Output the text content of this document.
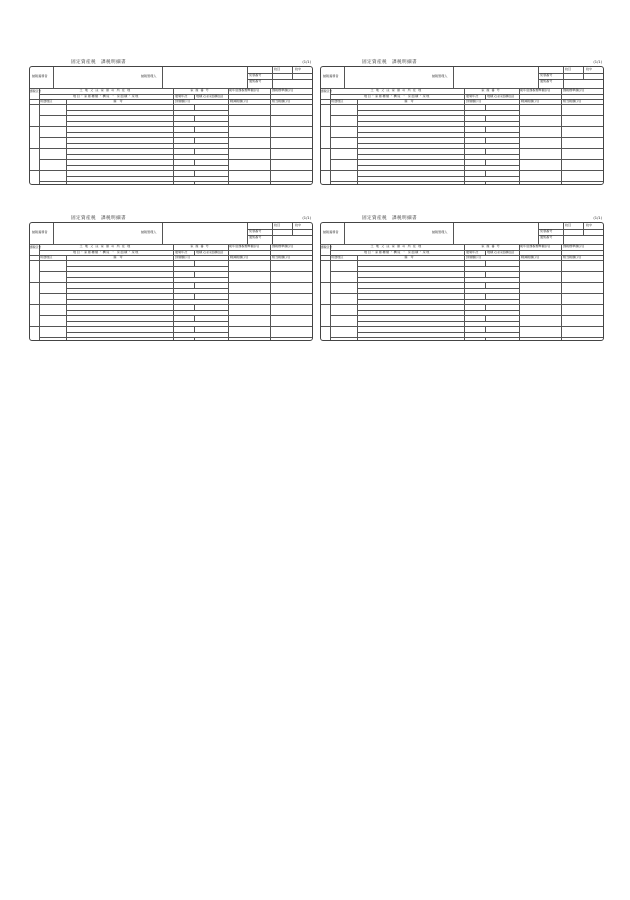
固定資産税　課税明細書	(1/1)
納税義務者	納税管理人
枚目	枚中
宛票番号
通知番号
課税区分	土地又は家屋の所在地
地目・家屋種類・構造 ・ 床面積・床地
家屋番号
建築年次	地積又は床面積(㎡)
前年度課税標準額(円)	課税標準額(円)
用途地区	備考	評価額(円)	軽減税額(円)	相当税額(円)
固定資産税　課税明細書	(1/1)
納税義務者	納税管理人
枚目	枚中
宛票番号
通知番号
課税区分	土地又は家屋の所在地
地目・家屋種類・構造 ・ 床面積・床地
家屋番号
建築年次	地積又は床面積(㎡)
前年度課税標準額(円)	課税標準額(円)
用途地区	備考	評価額(円)	軽減税額(円)	相当税額(円)
固定資産税　課税明細書	(1/1)
納税義務者	納税管理人
枚目	枚中
宛票番号
通知番号
課税区分	土地又は家屋の所在地
地目・家屋種類・構造 ・ 床面積・床地
家屋番号
建築年次	地積又は床面積(㎡)
前年度課税標準額(円)	課税標準額(円)
用途地区	備考	評価額(円)	軽減税額(円)	相当税額(円)
固定資産税　課税明細書	(1/1)
納税義務者	納税管理人
枚目	枚中
宛票番号
通知番号
課税区分	土地又は家屋の所在地
地目・家屋種類・構造 ・ 床面積・床地
家屋番号
建築年次	地積又は床面積(㎡)
前年度課税標準額(円)	課税標準額(円)
用途地区	備考	評価額(円)	軽減税額(円)	相当税額(円)
